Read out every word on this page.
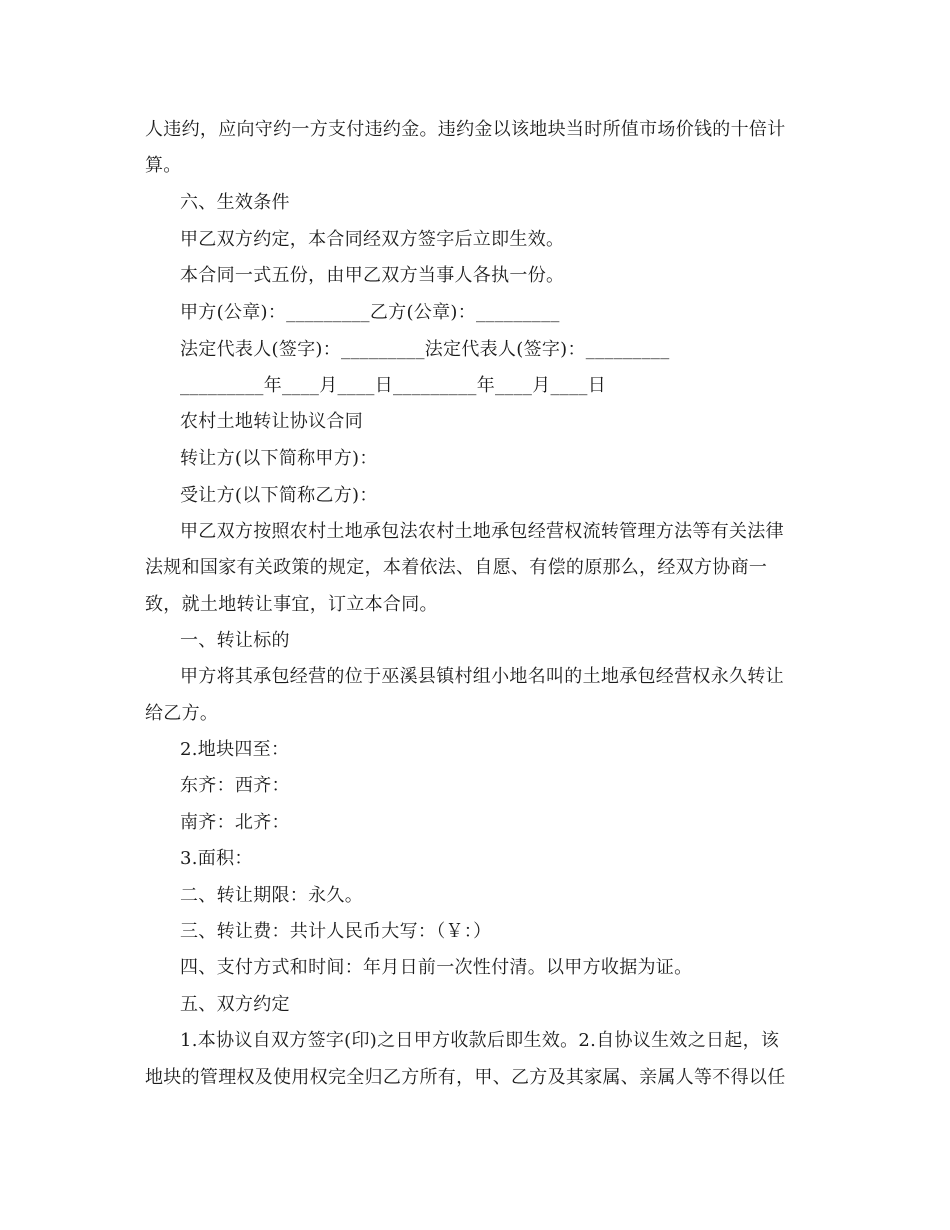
人违约，应向守约一方支付违约金。违约金以该地块当时所值市场价钱的十倍计
算。
六、生效条件
甲乙双方约定，本合同经双方签字后立即生效。
本合同一式五份，由甲乙双方当事人各执一份。
甲方(公章)：_________乙方(公章)：_________
法定代表人(签字)：_________法定代表人(签字)：_________
_________年____月____日_________年____月____日
农村土地转让协议合同
转让方(以下简称甲方)：
受让方(以下简称乙方)：
甲乙双方按照农村土地承包法农村土地承包经营权流转管理方法等有关法律
法规和国家有关政策的规定，本着依法、自愿、有偿的原那么，经双方协商一
致，就土地转让事宜，订立本合同。
一、转让标的
甲方将其承包经营的位于巫溪县镇村组小地名叫的土地承包经营权永久转让
给乙方。
2.地块四至：
东齐：西齐：
南齐：北齐：
3.面积：
二、转让期限：永久。
三、转让费：共计人民币大写：（￥：）
四、支付方式和时间：年月日前一次性付清。以甲方收据为证。
五、双方约定
1.本协议自双方签字(印)之日甲方收款后即生效。2.自协议生效之日起，该
地块的管理权及使用权完全归乙方所有，甲、乙方及其家属、亲属人等不得以任
